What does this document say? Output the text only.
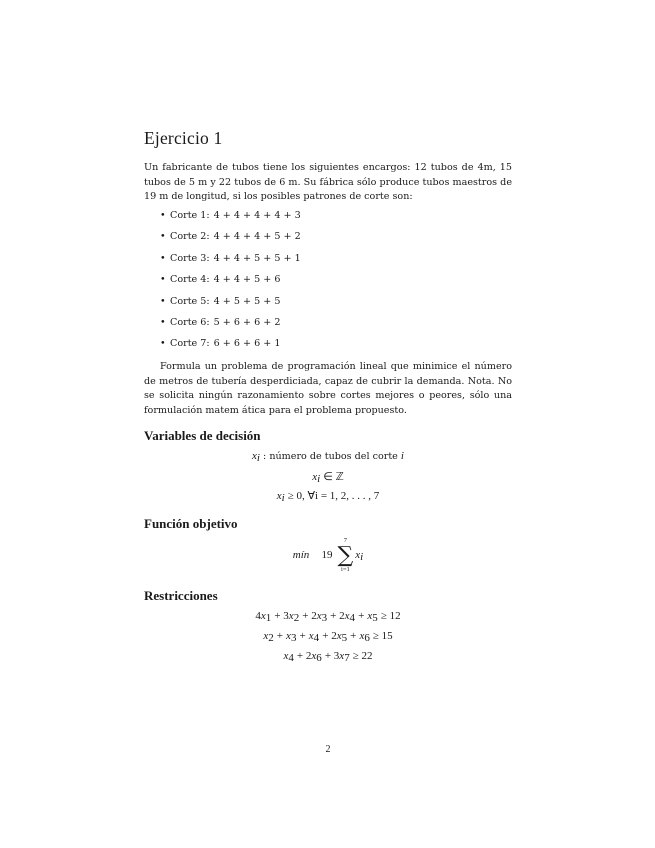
Ejercicio 1

Un fabricante de tubos tiene los siguientes encargos: 12 tubos de 4m, 15 tubos de 5 m y 22 tubos de 6 m. Su fábrica sólo produce tubos maestros de 19 m de longitud, si los posibles patrones de corte son:

• Corte 1: 4 + 4 + 4 + 4 + 3
• Corte 2: 4 + 4 + 4 + 5 + 2
• Corte 3: 4 + 4 + 5 + 5 + 1
• Corte 4: 4 + 4 + 5 + 6
• Corte 5: 4 + 5 + 5 + 5
• Corte 6: 5 + 6 + 6 + 2
• Corte 7: 6 + 6 + 6 + 1

Formula un problema de programación lineal que minimice el número de metros de tubería desperdiciada, capaz de cubrir la demanda. Nota. No se solicita ningún razonamiento sobre cortes mejores o peores, sólo una formulación matem ática para el problema propuesto.

Variables de decisión
$x_i$ : número de tubos del corte i
$x_i$ ∈ ℤ
$x_i \ge 0$, ∀i = 1, 2, . . . , 7
Función objetivo
mín 19
7
∑
i=1
$x_i$
Restricciones
$4x_1 + 3x_2 + 2x_3 + 2x_4 + x_5 \ge 12$
$x_2 + x_3 + x_4 + 2x_5 + x_6 \ge 15$
$x_4 + 2x_6 + 3x_7 \ge 22$
2
